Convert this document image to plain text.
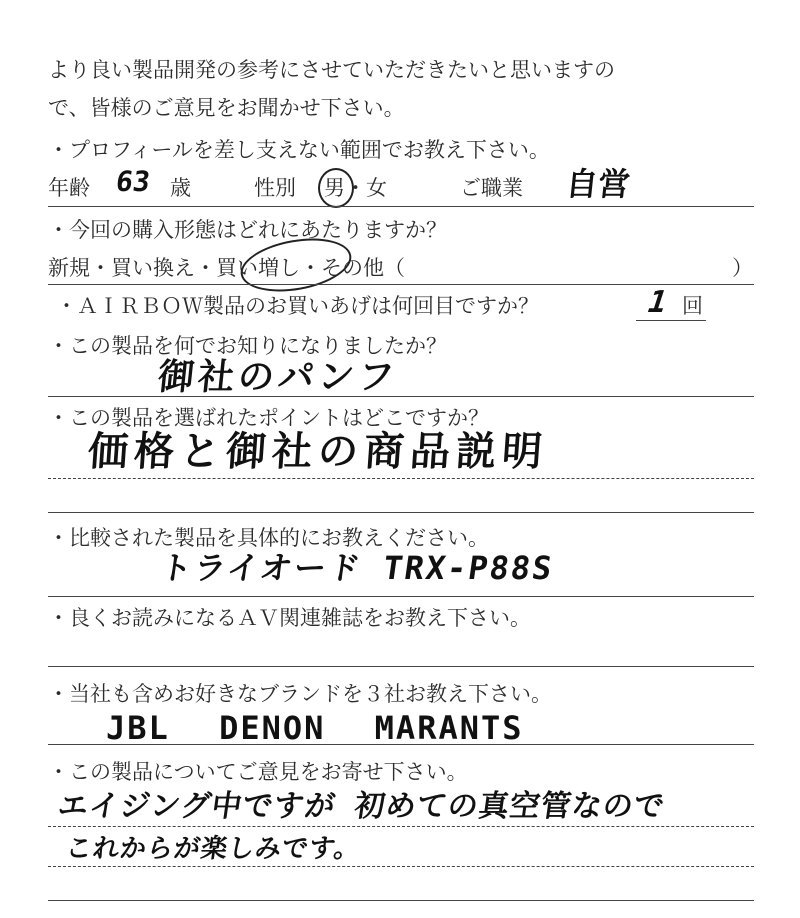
より良い製品開発の参考にさせていただきたいと思いますの
で、皆様のご意見をお聞かせ下さい。
・プロフィールを差し支えない範囲でお教え下さい。
年齢 63 歳	性別 男・女	ご職業 自営
・今回の購入形態はどれにあたりますか？
新規・買い換え・買い増し・その他（	）
・ＡＩＲＢＯＷ製品のお買いあげは何回目ですか？	1 回
・この製品を何でお知りになりましたか？
御社のパンフ
・この製品を選ばれたポイントはどこですか？
価格と御社の商品説明
・比較された製品を具体的にお教えください。
トライオード TRX-P88S
・良くお読みになるＡＶ関連雑誌をお教え下さい。
・当社も含めお好きなブランドを３社お教え下さい。
JBL DENON MARANTS
・この製品についてご意見をお寄せ下さい。
エイジング中ですが 初めての真空管なので
これからが楽しみです。
